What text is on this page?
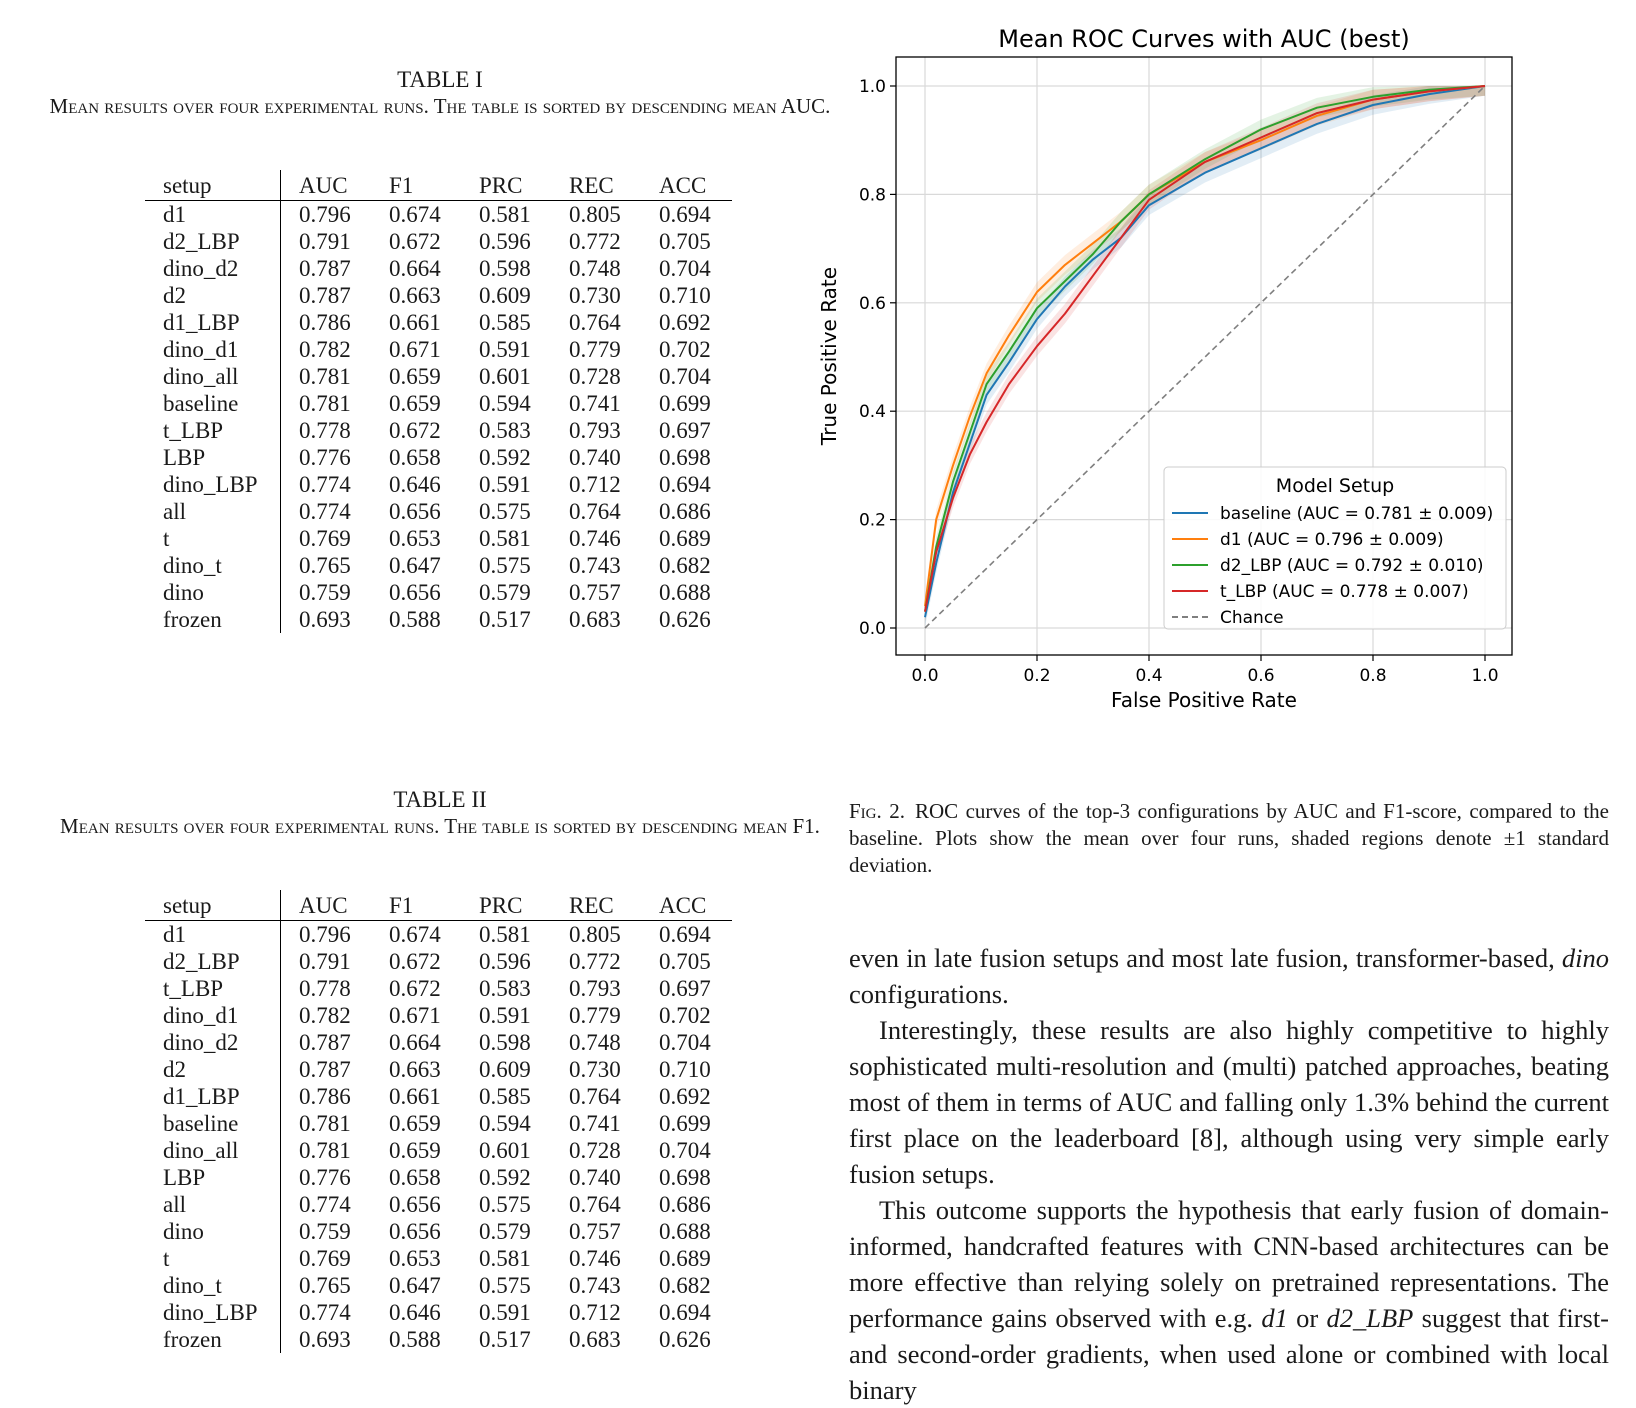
TABLE I
Mean results over four experimental runs. The table is sorted by descending mean AUC.
setup	AUC	F1	PRC	REC	ACC
d1	0.796	0.674	0.581	0.805	0.694
d2_LBP	0.791	0.672	0.596	0.772	0.705
dino_d2	0.787	0.664	0.598	0.748	0.704
d2	0.787	0.663	0.609	0.730	0.710
d1_LBP	0.786	0.661	0.585	0.764	0.692
dino_d1	0.782	0.671	0.591	0.779	0.702
dino_all	0.781	0.659	0.601	0.728	0.704
baseline	0.781	0.659	0.594	0.741	0.699
t_LBP	0.778	0.672	0.583	0.793	0.697
LBP	0.776	0.658	0.592	0.740	0.698
dino_LBP	0.774	0.646	0.591	0.712	0.694
all	0.774	0.656	0.575	0.764	0.686
t	0.769	0.653	0.581	0.746	0.689
dino_t	0.765	0.647	0.575	0.743	0.682
dino	0.759	0.656	0.579	0.757	0.688
frozen	0.693	0.588	0.517	0.683	0.626
TABLE II
Mean results over four experimental runs. The table is sorted by descending mean F1.
setup	AUC	F1	PRC	REC	ACC
d1	0.796	0.674	0.581	0.805	0.694
d2_LBP	0.791	0.672	0.596	0.772	0.705
t_LBP	0.778	0.672	0.583	0.793	0.697
dino_d1	0.782	0.671	0.591	0.779	0.702
dino_d2	0.787	0.664	0.598	0.748	0.704
d2	0.787	0.663	0.609	0.730	0.710
d1_LBP	0.786	0.661	0.585	0.764	0.692
baseline	0.781	0.659	0.594	0.741	0.699
dino_all	0.781	0.659	0.601	0.728	0.704
LBP	0.776	0.658	0.592	0.740	0.698
all	0.774	0.656	0.575	0.764	0.686
dino	0.759	0.656	0.579	0.757	0.688
t	0.769	0.653	0.581	0.746	0.689
dino_t	0.765	0.647	0.575	0.743	0.682
dino_LBP	0.774	0.646	0.591	0.712	0.694
frozen	0.693	0.588	0.517	0.683	0.626
Mean ROC Curves with AUC (best)
0.0	0.2	0.4	0.6	0.8	1.0
0.0
0.2
0.4
0.6
0.8
1.0
False Positive Rate
True Positive Rate
Model Setup
baseline (AUC = 0.781 ± 0.009)
d1 (AUC = 0.796 ± 0.009)
d2_LBP (AUC = 0.792 ± 0.010)
t_LBP (AUC = 0.778 ± 0.007)
Chance
Fig. 2. ROC curves of the top-3 configurations by AUC and F1-score, compared to the baseline. Plots show the mean over four runs, shaded regions denote ±1 standard deviation.

even in late fusion setups and most late fusion, transformer-based, dino configurations.

Interestingly, these results are also highly competitive to highly sophisticated multi-resolution and (multi) patched approaches, beating most of them in terms of AUC and falling only 1.3% behind the current first place on the leaderboard [8], although using very simple early fusion setups.

This outcome supports the hypothesis that early fusion of domain-informed, handcrafted features with CNN-based architectures can be more effective than relying solely on pretrained representations. The performance gains observed with e.g. d1 or d2_LBP suggest that first- and second-order gradients, when used alone or combined with local binary
